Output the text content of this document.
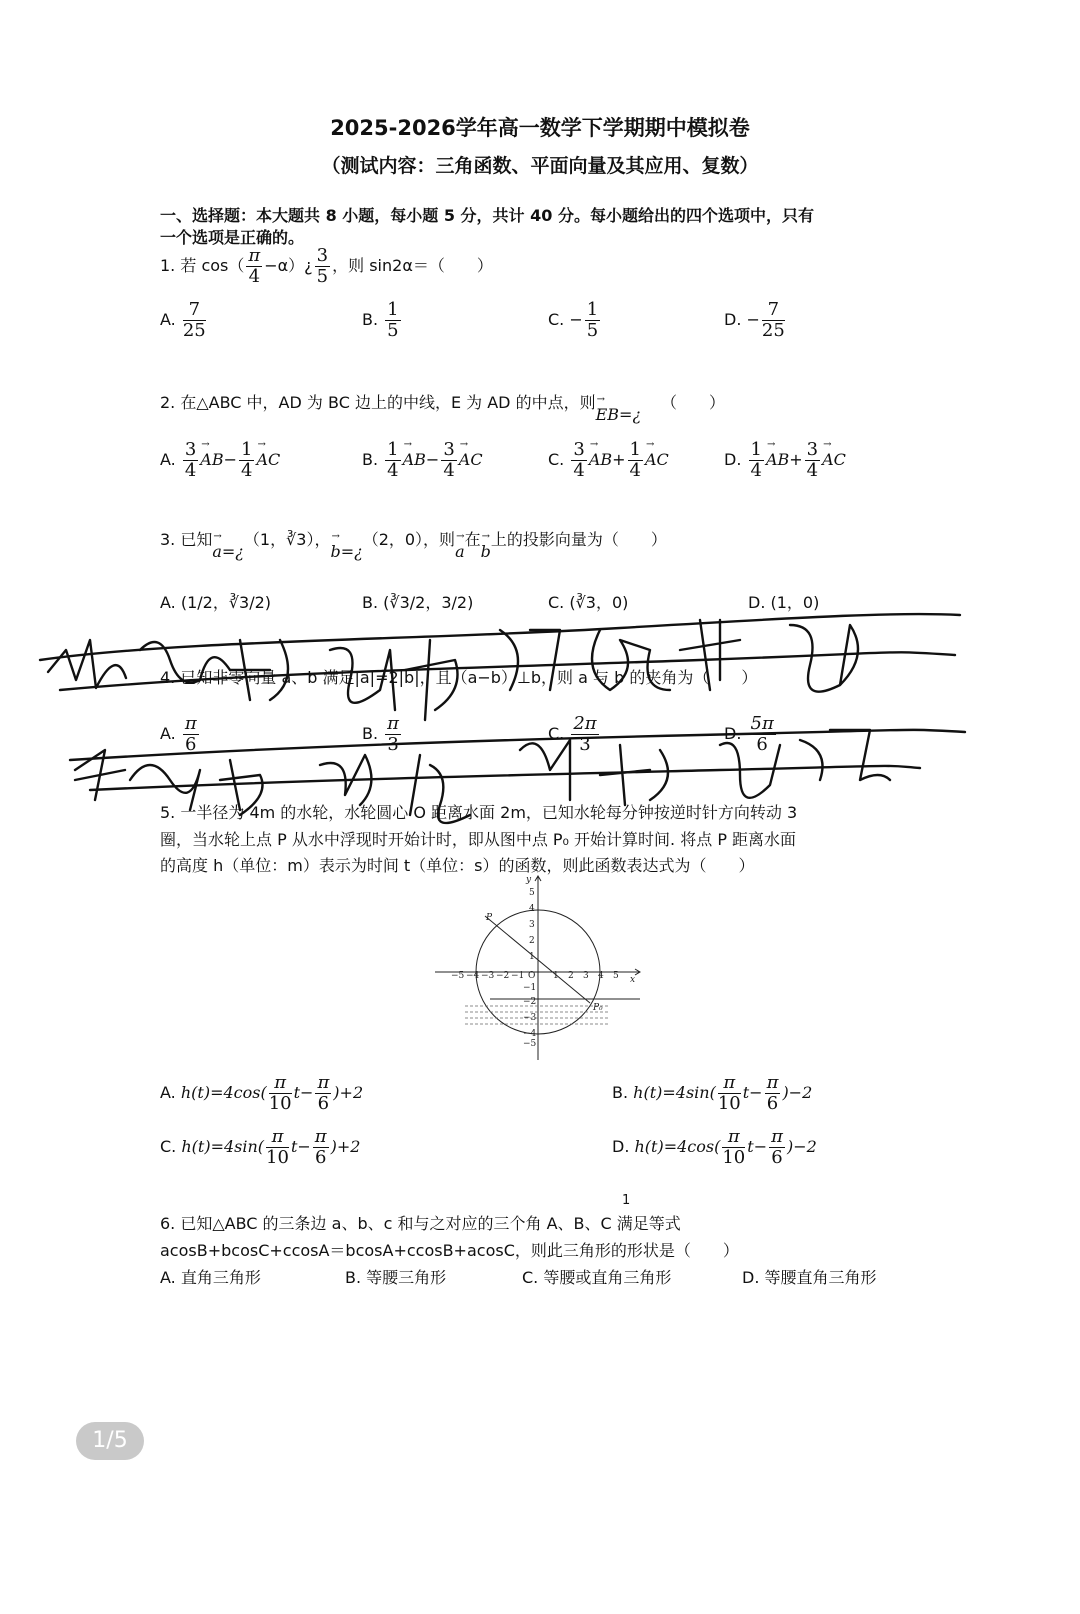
2025-2026学年高一数学下学期期中模拟卷
（测试内容：三角函数、平面向量及其应用、复数）
一、选择题：本大题共 8 小题，每小题 5 分，共计 40 分。每小题给出的四个选项中，只有
一个选项是正确的。
1. 若 $\cos( \frac{\pi}{4}$ −α）¿ $\frac{3}{5}$ ，则 sin2α＝（　　）
A. $\frac{7}{25}$	B. $\frac{1}{5}$	C. − $\frac{1}{5}$	D. − $\frac{7}{25}$
2. 在△ABC 中，AD 为 BC 边上的中线，E 为 AD 的中点，则→ EB=¿（　　）
A. $\frac{3}{4}$
→ $AB- \frac{1}{4}$
→ AC	B. $\frac{1}{4}$
→ $AB- \frac{3}{4}$
→ AC	C. $\frac{3}{4}$
→ $AB+ \frac{1}{4}$
→ AC	D. $\frac{1}{4}$
→ $AB+ \frac{3}{4}$
→ AC
3. 已知→ a=¿（1，∛3），→ b=¿（2，0），则→ a在→ b上的投影向量为（　　）
A. (1/2，∛3/2)	B. (∛3/2，3/2)	C. (∛3，0)	D. (1，0)
4. 已知非零向量 a、b 满足|a|=2|b|，且（a−b）⊥b，则 a 与 b 的夹角为（　　）
A. $\frac{\pi}{6}$	B. $\frac{\pi}{3}$	C. $\frac{2\pi}{3}$	D. $\frac{5\pi}{6}$
5. 一半径为 4m 的水轮，水轮圆心 O 距离水面 2m，已知水轮每分钟按逆时针方向转动 3
圈，当水轮上点 P 从水中浮现时开始计时，即从图中点 P₀ 开始计算时间. 将点 P 距离水面
的高度 h（单位：m）表示为时间 t（单位：s）的函数，则此函数表达式为（　　）
−5 −4 −3 −2 −1 O 1 2 3 4 5 x
y
5
4
3
2
1
−1
−2
−3
−4
−5
P
P₀
A. $h(t)=4\cos( \frac{\pi}{10} t- \frac{\pi}{6} )+2$	B. $h(t)=4\sin( \frac{\pi}{10} t- \frac{\pi}{6} )-2$
C. $h(t)=4\sin( \frac{\pi}{10} t- \frac{\pi}{6} )+2$	D. $h(t)=4\cos( \frac{\pi}{10} t- \frac{\pi}{6} )-2$
1
6. 已知△ABC 的三条边 a、b、c 和与之对应的三个角 A、B、C 满足等式
acosB+bcosC+ccosA＝bcosA+ccosB+acosC，则此三角形的形状是（　　）
A. 直角三角形	B. 等腰三角形	C. 等腰或直角三角形	D. 等腰直角三角形
1/5
